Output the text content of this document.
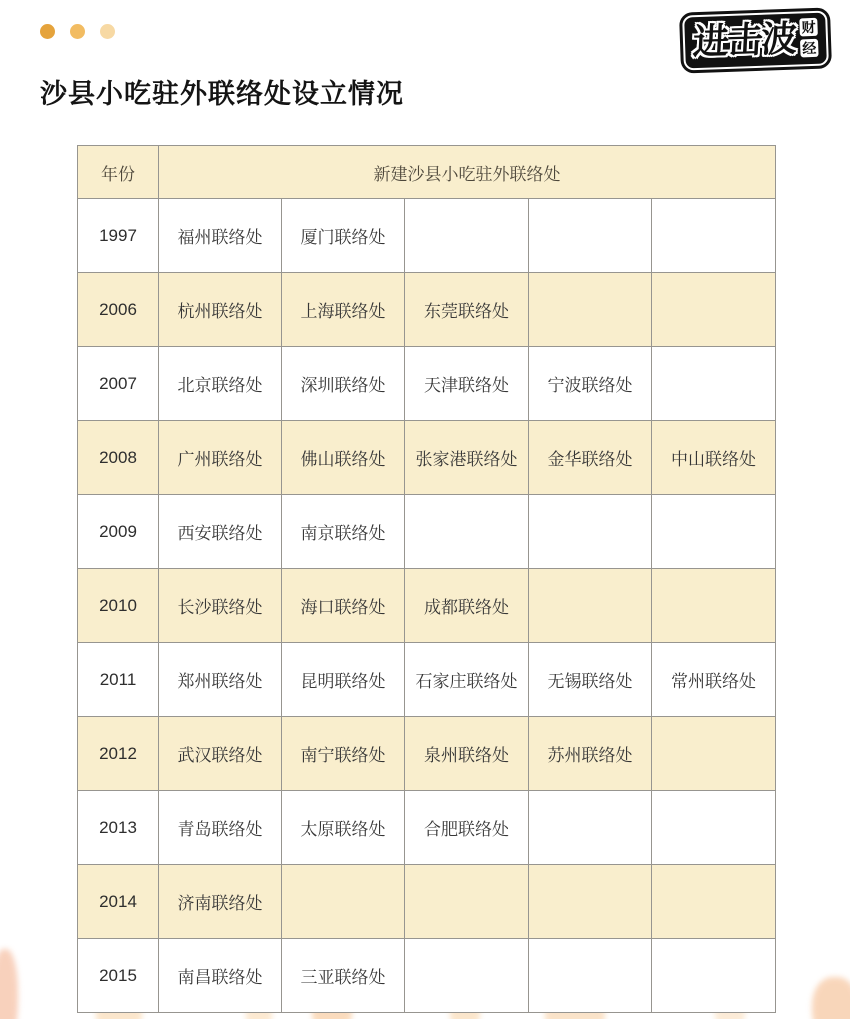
进击波 财
经
沙县小吃驻外联络处设立情况
年份	新建沙县小吃驻外联络处				
1997	福州联络处	厦门联络处			
2006	杭州联络处	上海联络处	东莞联络处		
2007	北京联络处	深圳联络处	天津联络处	宁波联络处	
2008	广州联络处	佛山联络处	张家港联络处	金华联络处	中山联络处
2009	西安联络处	南京联络处			
2010	长沙联络处	海口联络处	成都联络处		
2011	郑州联络处	昆明联络处	石家庄联络处	无锡联络处	常州联络处
2012	武汉联络处	南宁联络处	泉州联络处	苏州联络处	
2013	青岛联络处	太原联络处	合肥联络处		
2014	济南联络处				
2015	南昌联络处	三亚联络处			
